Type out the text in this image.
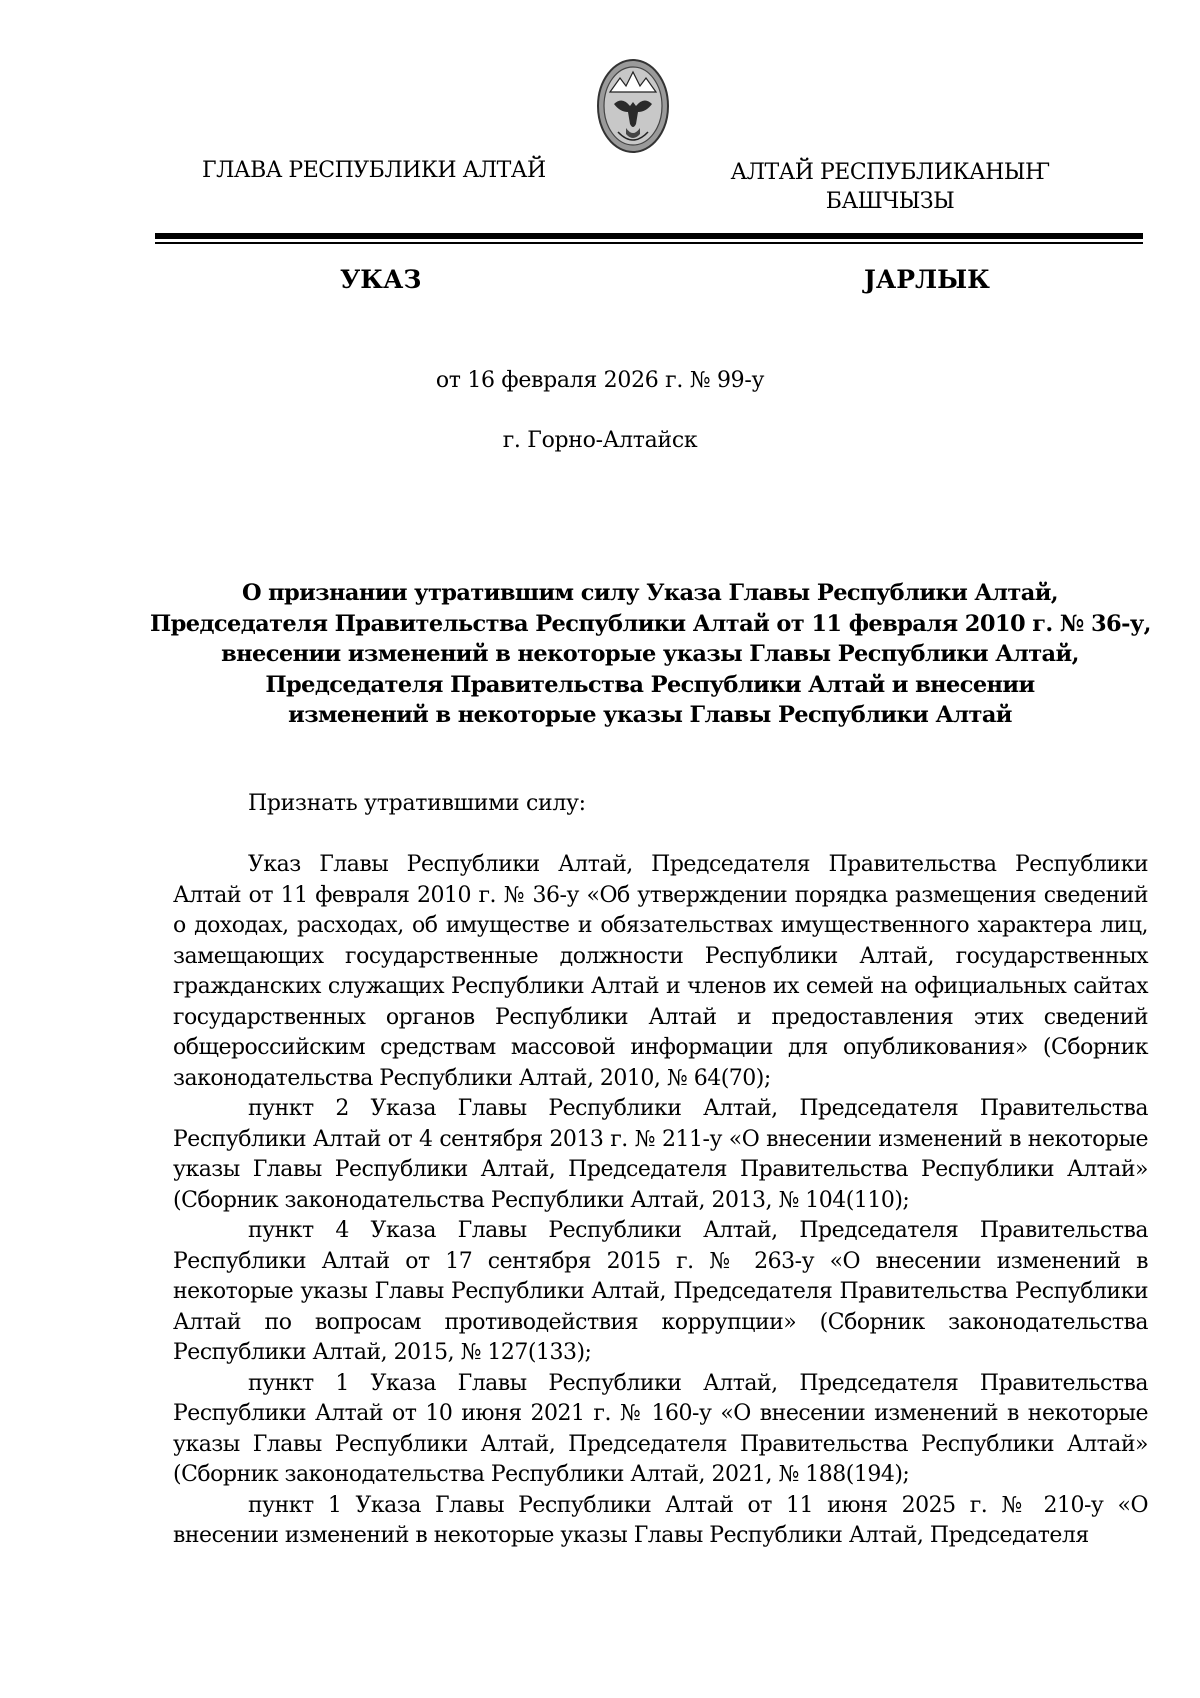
ГЛАВА РЕСПУБЛИКИ АЛТАЙ	АЛТАЙ РЕСПУБЛИКАНЫҤ
БАШЧЫЗЫ
УКАЗ	ЈАРЛЫК
от 16 февраля 2026 г. № 99-у
г. Горно-Алтайск
О признании утратившим силу Указа Главы Республики Алтай,
Председателя Правительства Республики Алтай от 11 февраля 2010 г. № 36-у,
внесении изменений в некоторые указы Главы Республики Алтай,
Председателя Правительства Республики Алтай и внесении
изменений в некоторые указы Главы Республики Алтай
Признать утратившими силу:

Указ Главы Республики Алтай, Председателя Правительства Республики Алтай от 11 февраля 2010 г. № 36-у «Об утверждении порядка размещения сведений о доходах, расходах, об имуществе и обязательствах имущественного характера лиц, замещающих государственные должности Республики Алтай, государственных гражданских служащих Республики Алтай и членов их семей на официальных сайтах государственных органов Республики Алтай и предоставления этих сведений общероссийским средствам массовой информации для опубликования» (Сборник законодательства Республики Алтай, 2010, № 64(70);

пункт 2 Указа Главы Республики Алтай, Председателя Правительства Республики Алтай от 4 сентября 2013 г. № 211-у «О внесении изменений в некоторые указы Главы Республики Алтай, Председателя Правительства Республики Алтай» (Сборник законодательства Республики Алтай, 2013, № 104(110);

пункт 4 Указа Главы Республики Алтай, Председателя Правительства Республики Алтай от 17 сентября 2015 г. № 263-у «О внесении изменений в некоторые указы Главы Республики Алтай, Председателя Правительства Республики Алтай по вопросам противодействия коррупции» (Сборник законодательства Республики Алтай, 2015, № 127(133);

пункт 1 Указа Главы Республики Алтай, Председателя Правительства Республики Алтай от 10 июня 2021 г. № 160-у «О внесении изменений в некоторые указы Главы Республики Алтай, Председателя Правительства Республики Алтай» (Сборник законодательства Республики Алтай, 2021, № 188(194);

пункт 1 Указа Главы Республики Алтай от 11 июня 2025 г. № 210-у «О внесении изменений в некоторые указы Главы Республики Алтай, Председателя
